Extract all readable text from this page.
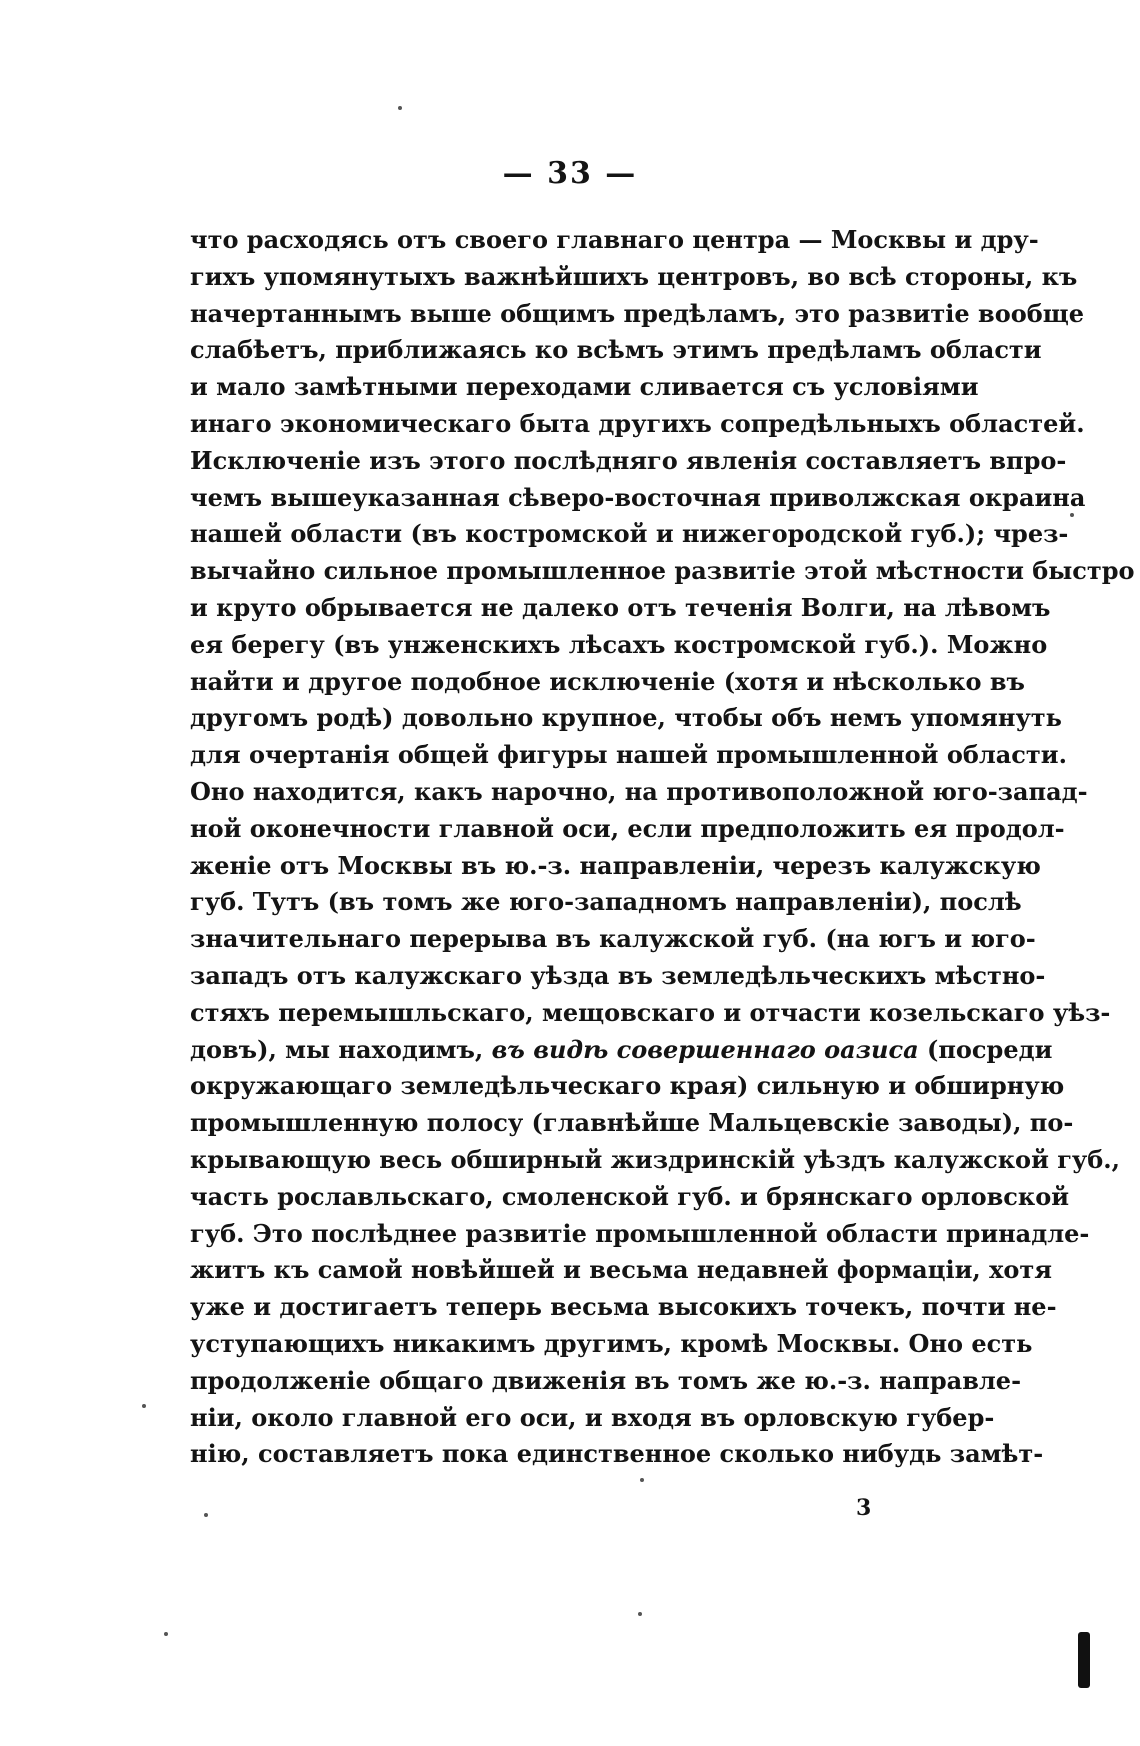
— 33 —
что расходясь отъ своего главнаго центра — Москвы и дру-
гихъ упомянутыхъ важнѣйшихъ центровъ, во всѣ стороны, къ
начертаннымъ выше общимъ предѣламъ, это развитіе вообще
слабѣетъ, приближаясь ко всѣмъ этимъ предѣламъ области
и мало замѣтными переходами сливается съ условіями
инаго экономическаго быта другихъ сопредѣльныхъ областей.
Исключеніе изъ этого послѣдняго явленія составляетъ впро-
чемъ вышеуказанная сѣверо-восточная приволжская окраина
нашей области (въ костромской и нижегородской губ.); чрез-
вычайно сильное промышленное развитіе этой мѣстности быстро
и круто обрывается не далеко отъ теченія Волги, на лѣвомъ
ея берегу (въ унженскихъ лѣсахъ костромской губ.). Можно
найти и другое подобное исключеніе (хотя и нѣсколько въ
другомъ родѣ) довольно крупное, чтобы объ немъ упомянуть
для очертанія общей фигуры нашей промышленной области.
Оно находится, какъ нарочно, на противоположной юго-запад-
ной оконечности главной оси, если предположить ея продол-
женіе отъ Москвы въ ю.-з. направленіи, черезъ калужскую
губ. Тутъ (въ томъ же юго-западномъ направленіи), послѣ
значительнаго перерыва въ калужской губ. (на югъ и юго-
западъ отъ калужскаго уѣзда въ земледѣльческихъ мѣстно-
стяхъ перемышльскаго, мещовскаго и отчасти козельскаго уѣз-
довъ), мы находимъ, въ видѣ совершеннаго оазиса (посреди
окружающаго земледѣльческаго края) сильную и обширную
промышленную полосу (главнѣйше Мальцевскіе заводы), по-
крывающую весь обширный жиздринскій уѣздъ калужской губ.,
часть рославльскаго, смоленской губ. и брянскаго орловской
губ. Это послѣднее развитіе промышленной области принадле-
житъ къ самой новѣйшей и весьма недавней формаціи, хотя
уже и достигаетъ теперь весьма высокихъ точекъ, почти не-
уступающихъ никакимъ другимъ, кромѣ Москвы. Оно есть
продолженіе общаго движенія въ томъ же ю.-з. направле-
ніи, около главной его оси, и входя въ орловскую губер-
нію, составляетъ пока единственное сколько нибудь замѣт-
3
